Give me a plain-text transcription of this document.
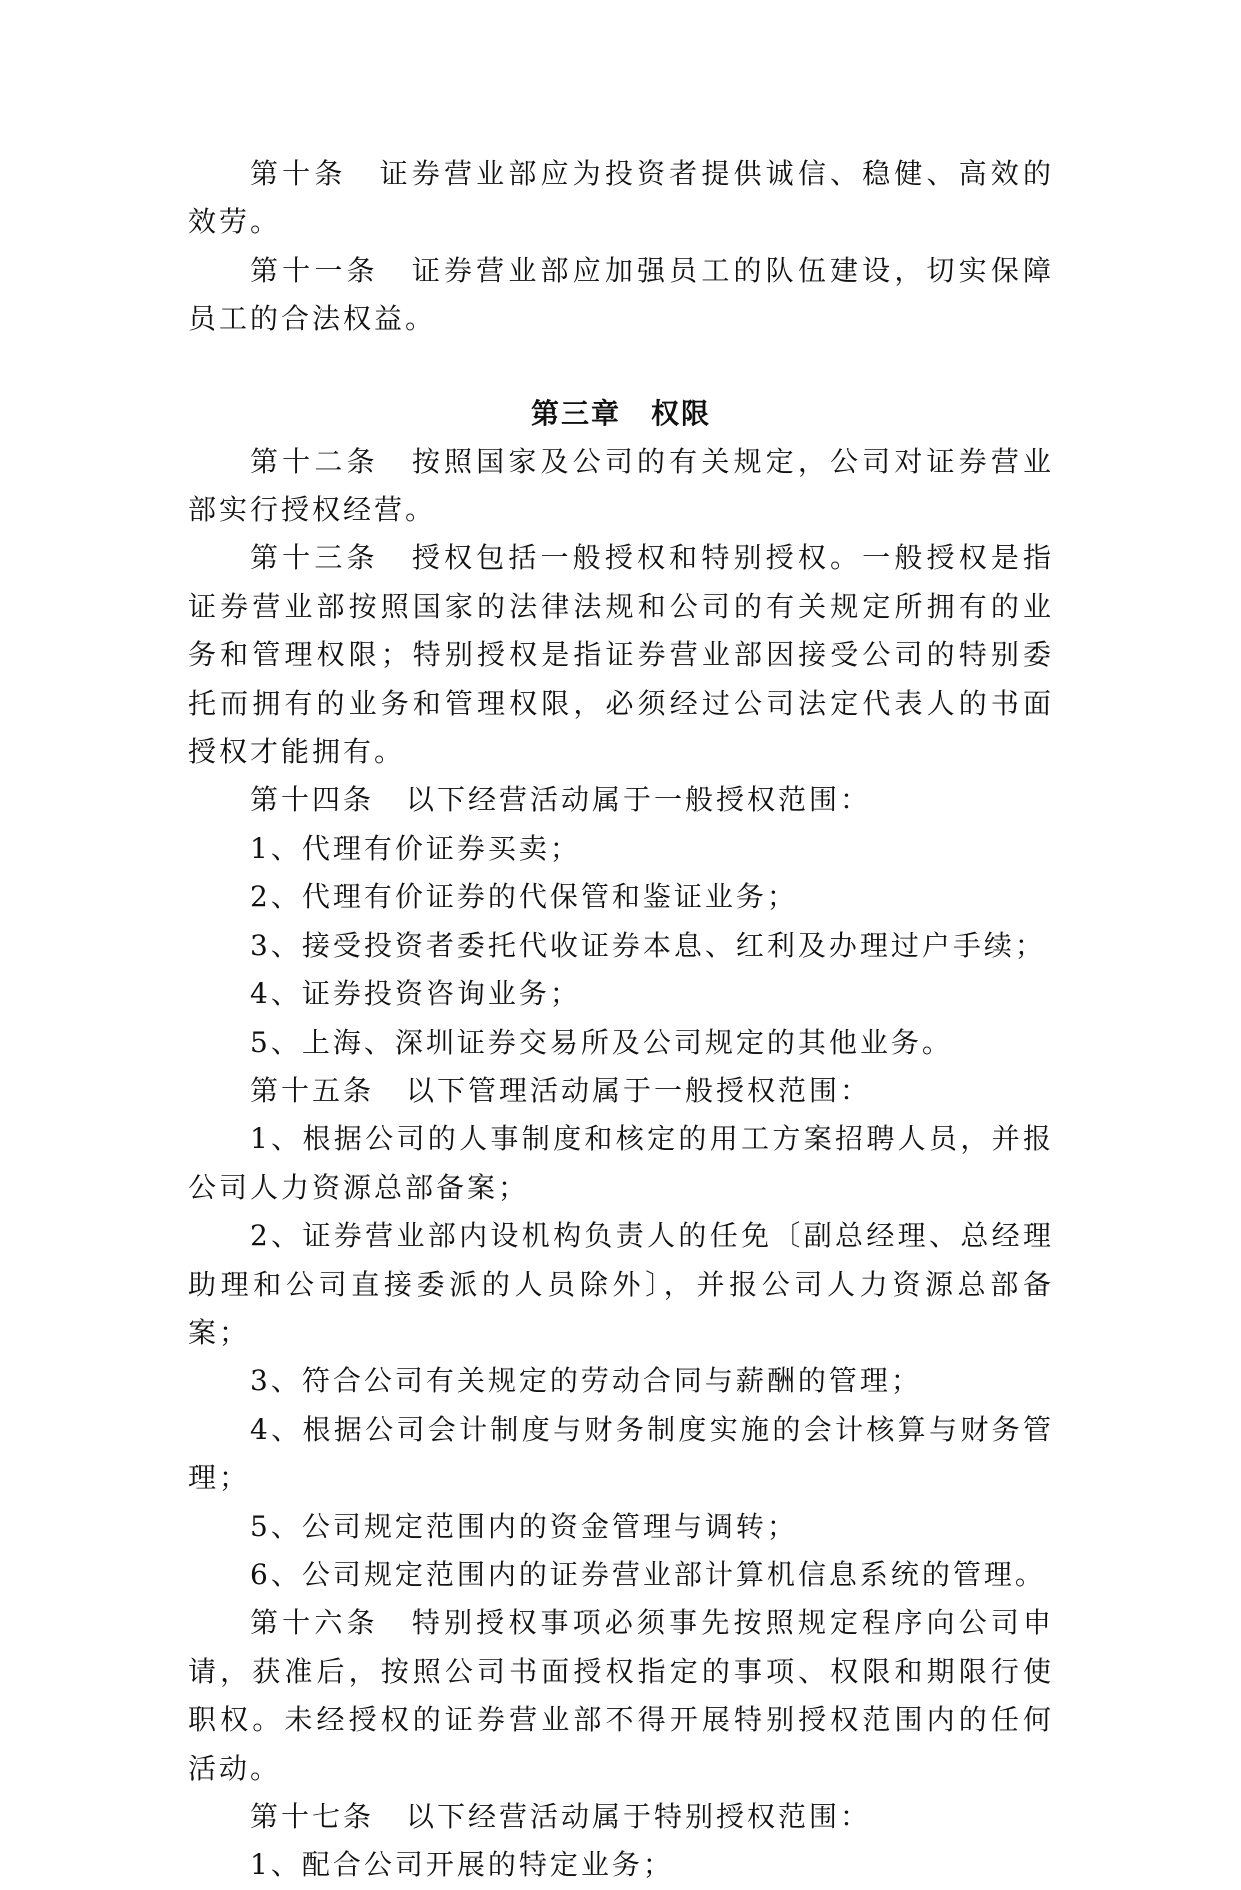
第十条 证券营业部应为投资者提供诚信、稳健、高效的效劳。

第十一条 证券营业部应加强员工的队伍建设，切实保障员工的合法权益。

第三章 权限

第十二条 按照国家及公司的有关规定，公司对证券营业部实行授权经营。

第十三条 授权包括一般授权和特别授权。一般授权是指证券营业部按照国家的法律法规和公司的有关规定所拥有的业务和管理权限；特别授权是指证券营业部因接受公司的特别委托而拥有的业务和管理权限，必须经过公司法定代表人的书面授权才能拥有。

第十四条 以下经营活动属于一般授权范围：

1、代理有价证券买卖；

2、代理有价证券的代保管和鉴证业务；

3、接受投资者委托代收证券本息、红利及办理过户手续；

4、证券投资咨询业务；

5、上海、深圳证券交易所及公司规定的其他业务。

第十五条 以下管理活动属于一般授权范围：

1、根据公司的人事制度和核定的用工方案招聘人员，并报公司人力资源总部备案；

2、证券营业部内设机构负责人的任免〔副总经理、总经理助理和公司直接委派的人员除外〕，并报公司人力资源总部备案；

3、符合公司有关规定的劳动合同与薪酬的管理；

4、根据公司会计制度与财务制度实施的会计核算与财务管理；

5、公司规定范围内的资金管理与调转；

6、公司规定范围内的证券营业部计算机信息系统的管理。

第十六条 特别授权事项必须事先按照规定程序向公司申请，获准后，按照公司书面授权指定的事项、权限和期限行使职权。未经授权的证券营业部不得开展特别授权范围内的任何活动。

第十七条 以下经营活动属于特别授权范围：

1、配合公司开展的特定业务；
